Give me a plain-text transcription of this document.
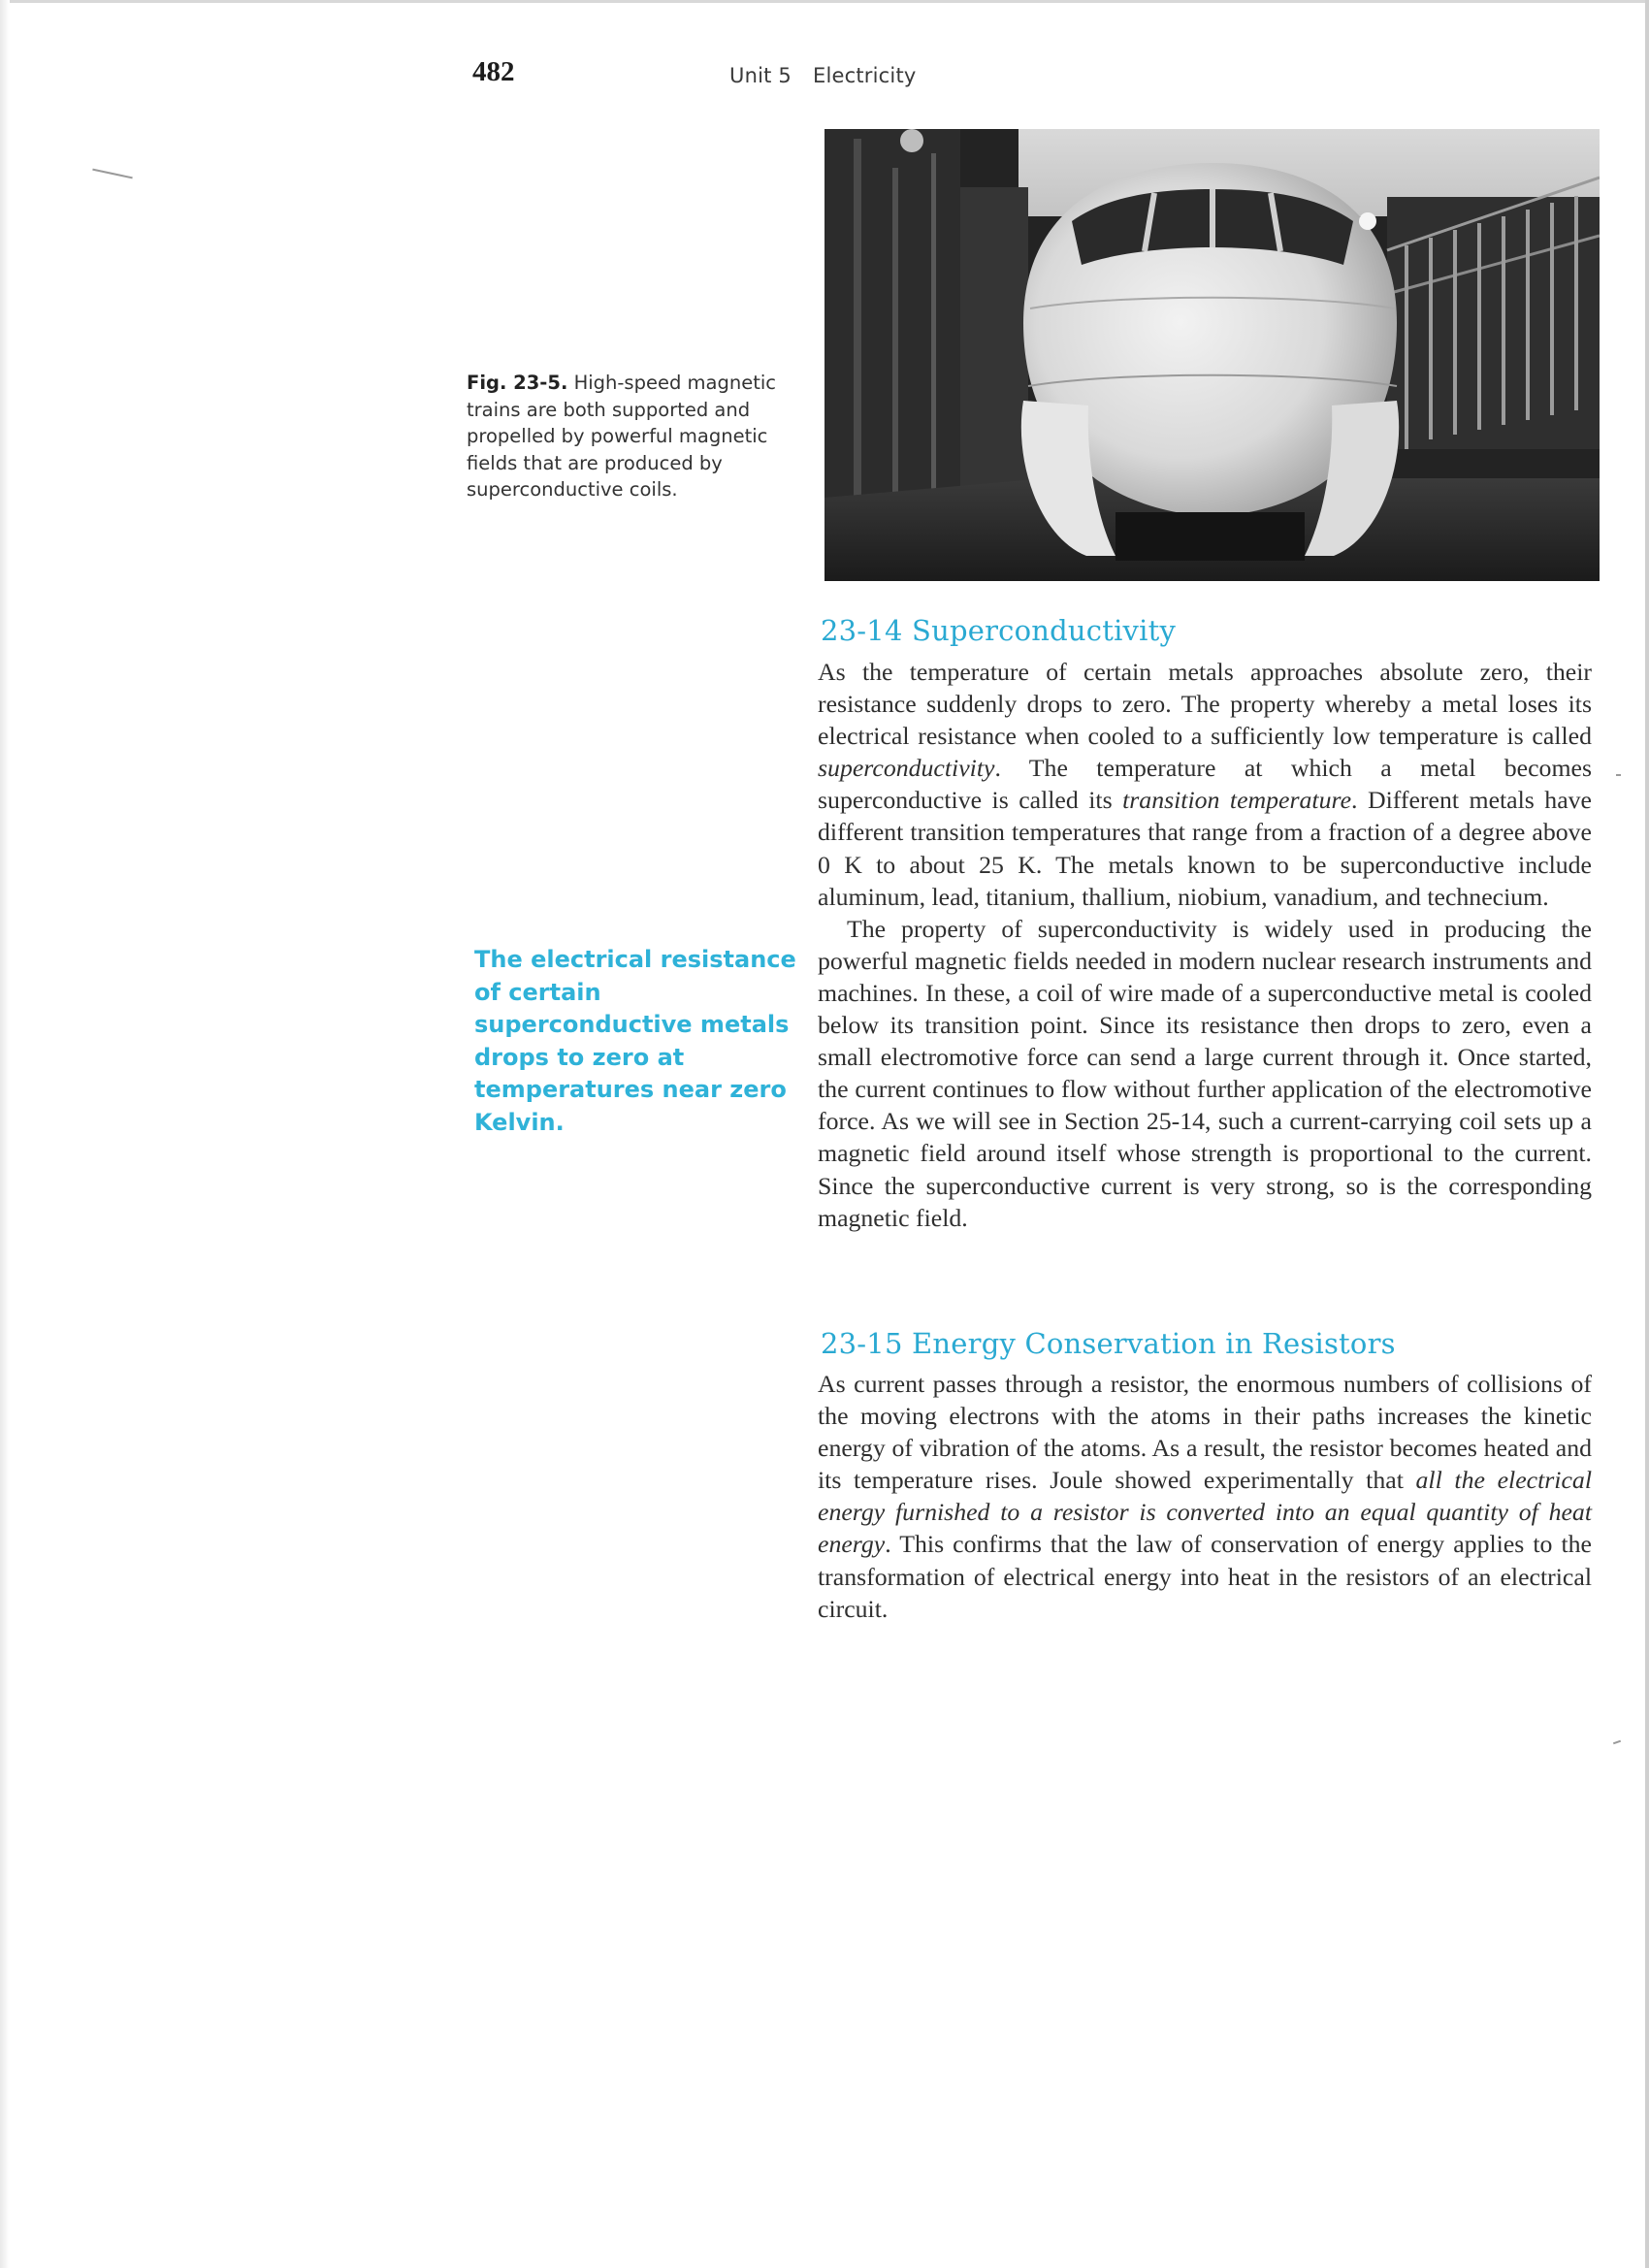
482	Unit 5 Electricity
Fig. 23-5. High-speed magnetic trains are both supported and propelled by powerful magnetic fields that are produced by superconductive coils.
The electrical resistance of certain superconductive metals drops to zero at temperatures near zero Kelvin.
23-14 Superconductivity

As the temperature of certain metals approaches absolute zero, their resistance suddenly drops to zero. The property whereby a metal loses its electrical resistance when cooled to a sufficiently low temperature is called superconductivity. The temperature at which a metal becomes superconductive is called its transition temperature. Different metals have different transition temperatures that range from a fraction of a degree above 0 K to about 25 K. The metals known to be superconductive include aluminum, lead, titanium, thallium, niobium, vanadium, and technecium.

The property of superconductivity is widely used in producing the powerful magnetic fields needed in modern nuclear research instruments and machines. In these, a coil of wire made of a superconductive metal is cooled below its transition point. Since its resistance then drops to zero, even a small electromotive force can send a large current through it. Once started, the current continues to flow without further application of the electromotive force. As we will see in Section 25-14, such a current-carrying coil sets up a magnetic field around itself whose strength is proportional to the current. Since the superconductive current is very strong, so is the corresponding magnetic field.

23-15 Energy Conservation in Resistors

As current passes through a resistor, the enormous numbers of collisions of the moving electrons with the atoms in their paths increases the kinetic energy of vibration of the atoms. As a result, the resistor becomes heated and its temperature rises. Joule showed experimentally that all the electrical energy furnished to a resistor is converted into an equal quantity of heat energy. This confirms that the law of conservation of energy applies to the transformation of electrical energy into heat in the resistors of an electrical circuit.
